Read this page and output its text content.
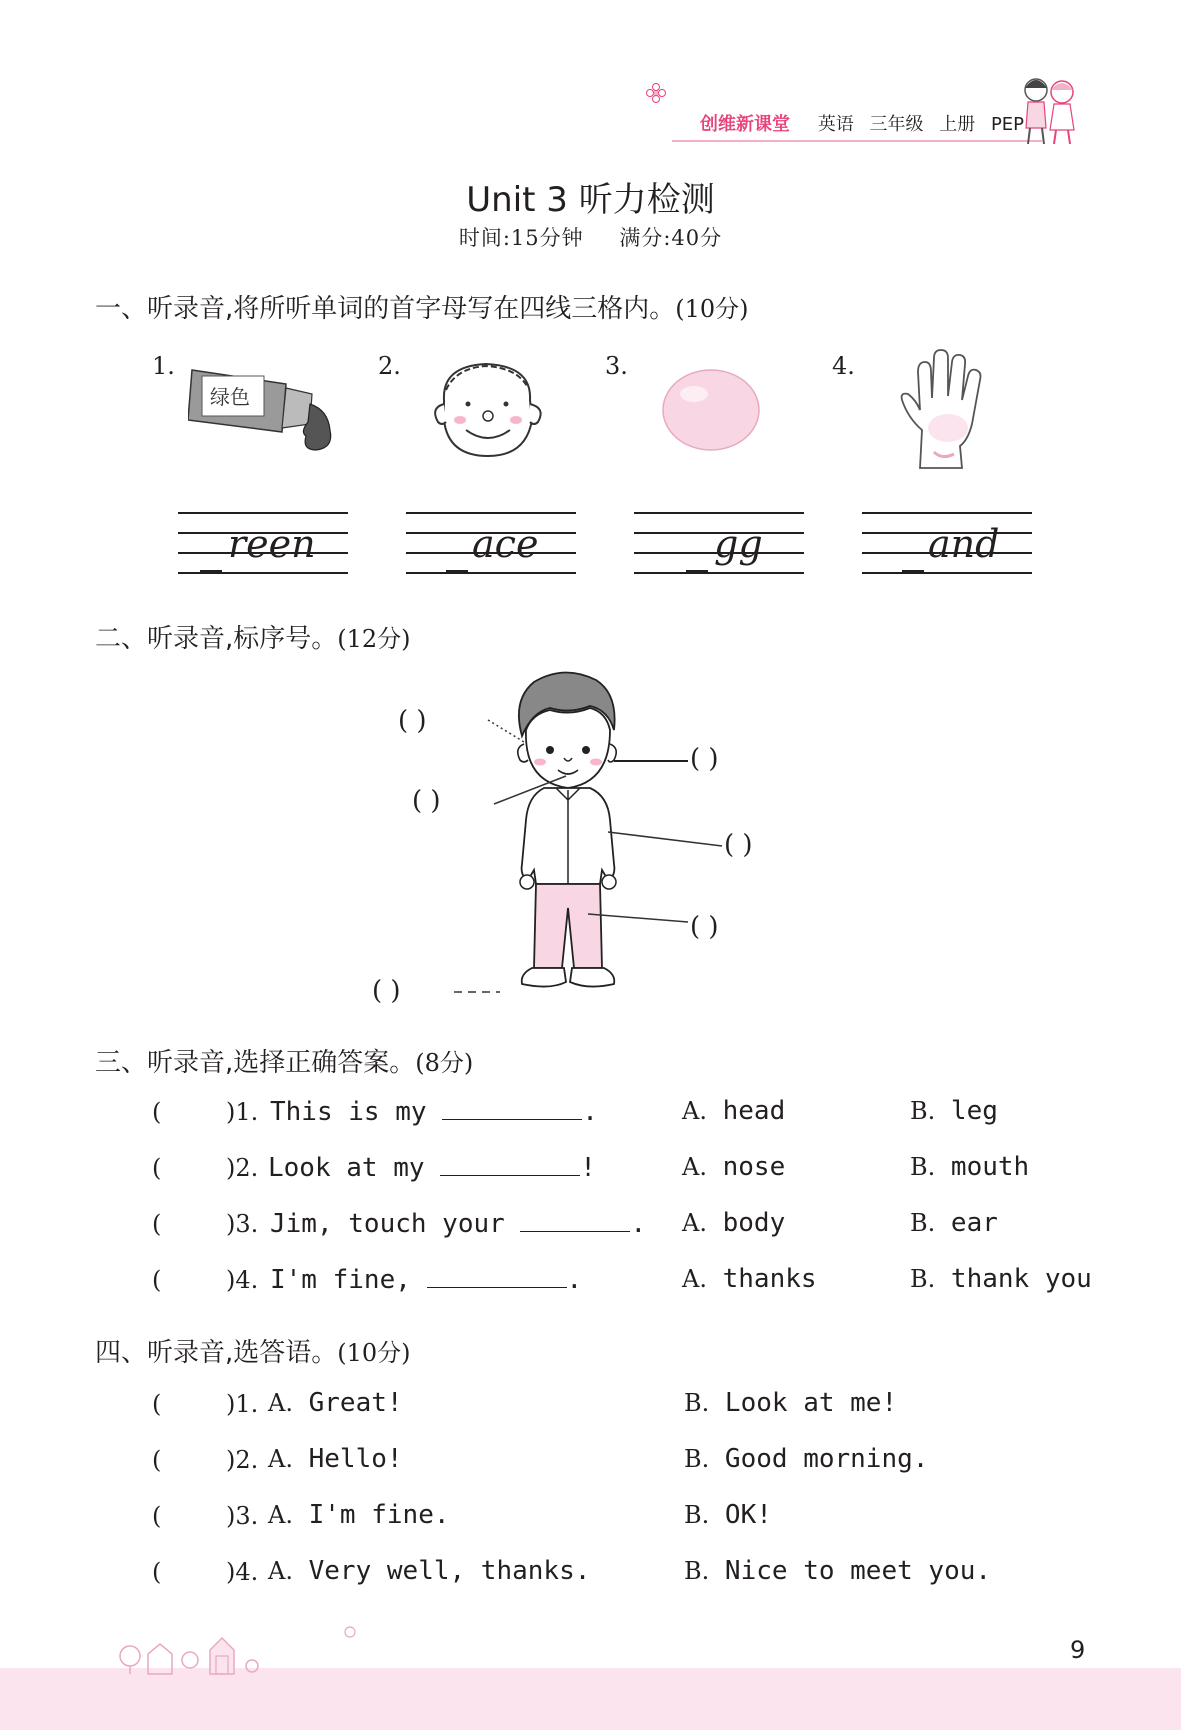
创维新课堂 英语 三年级 上册 PEP
Unit 3 听力检测
时间:15分钟 满分:40分
一、听录音,将所听单词的首字母写在四线三格内。(10分)
1.	2.	3.	4.
绿色
reen	ace	gg	and
二、听录音,标序号。(12分)
( )
( )
( )
( )
( )
( )
三、听录音,选择正确答案。(8分)
(	)1. This is my	.	A. head	B. leg
(	)2. Look at my	!	A. nose	B. mouth
(	)3. Jim, touch your	. A. body	B. ear
(	)4. I'm fine,	.	A. thanks	B. thank you
四、听录音,选答语。(10分)
(	)1. A. Great!	B. Look at me!
(	)2. A. Hello!	B. Good morning.
(	)3. A. I'm fine.	B. OK!
(	)4. A. Very well, thanks.	B. Nice to meet you.
9
